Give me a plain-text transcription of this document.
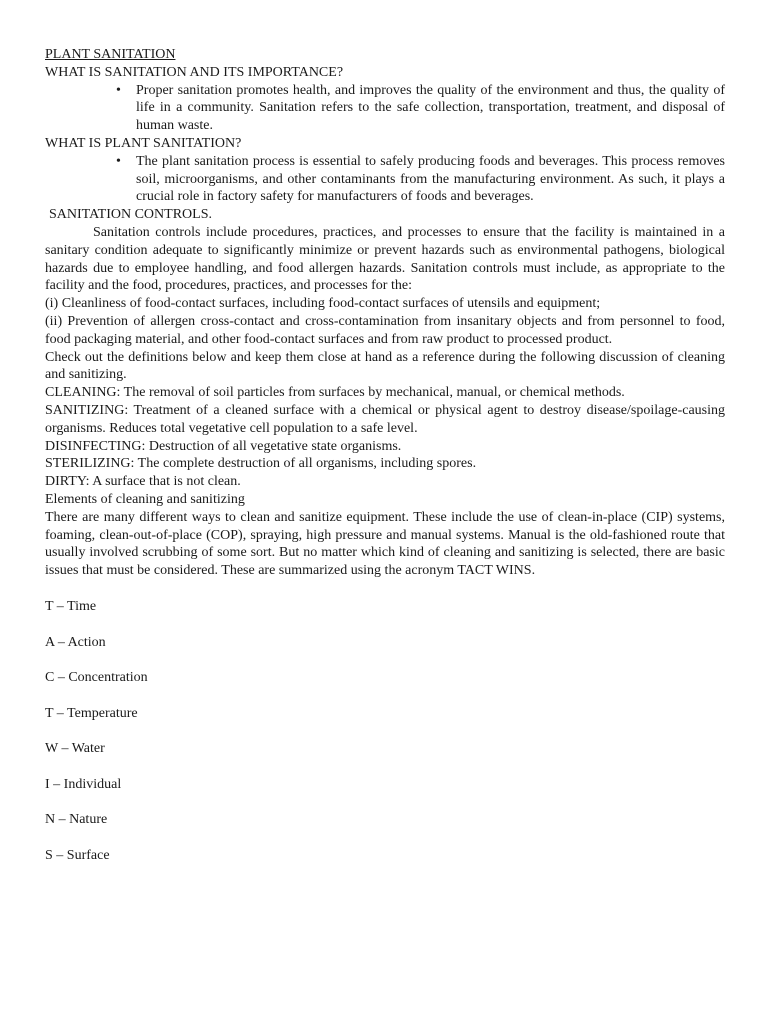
PLANT SANITATION

WHAT IS SANITATION AND ITS IMPORTANCE?

• Proper sanitation promotes health, and improves the quality of the environment and thus, the quality of life in a community. Sanitation refers to the safe collection, transportation, treatment, and disposal of human waste.

WHAT IS PLANT SANITATION?

• The plant sanitation process is essential to safely producing foods and beverages. This process removes soil, microorganisms, and other contaminants from the manufacturing environment. As such, it plays a crucial role in factory safety for manufacturers of foods and beverages.

SANITATION CONTROLS.

Sanitation controls include procedures, practices, and processes to ensure that the facility is maintained in a sanitary condition adequate to significantly minimize or prevent hazards such as environmental pathogens, biological hazards due to employee handling, and food allergen hazards. Sanitation controls must include, as appropriate to the facility and the food, procedures, practices, and processes for the:

(i) Cleanliness of food-contact surfaces, including food-contact surfaces of utensils and equipment;

(ii) Prevention of allergen cross-contact and cross-contamination from insanitary objects and from personnel to food, food packaging material, and other food-contact surfaces and from raw product to processed product.

Check out the definitions below and keep them close at hand as a reference during the following discussion of cleaning and sanitizing.

CLEANING: The removal of soil particles from surfaces by mechanical, manual, or chemical methods.

SANITIZING: Treatment of a cleaned surface with a chemical or physical agent to destroy disease/spoilage-causing organisms. Reduces total vegetative cell population to a safe level.

DISINFECTING: Destruction of all vegetative state organisms.

STERILIZING: The complete destruction of all organisms, including spores.

DIRTY: A surface that is not clean.

Elements of cleaning and sanitizing

There are many different ways to clean and sanitize equipment. These include the use of clean-in-place (CIP) systems, foaming, clean-out-of-place (COP), spraying, high pressure and manual systems. Manual is the old-fashioned route that usually involved scrubbing of some sort. But no matter which kind of cleaning and sanitizing is selected, there are basic issues that must be considered. These are summarized using the acronym TACT WINS.

T – Time

A – Action

C – Concentration

T – Temperature

W – Water

I – Individual

N – Nature

S – Surface
